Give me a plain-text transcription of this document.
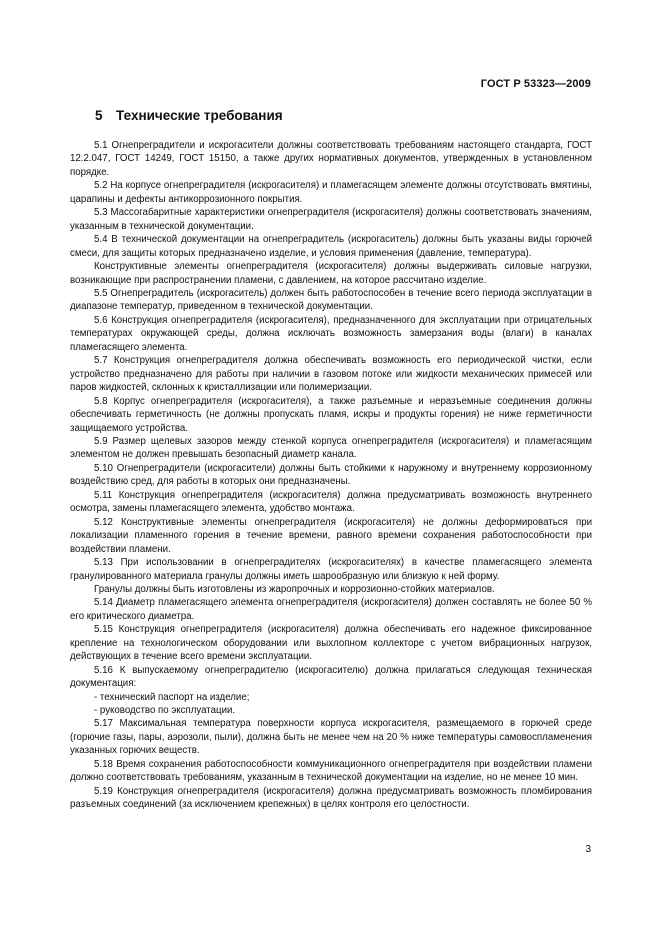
ГОСТ Р 53323—2009
5 Технические требования

5.1 Огнепреградители и искрогасители должны соответствовать требованиям настоящего стандарта, ГОСТ 12.2.047, ГОСТ 14249, ГОСТ 15150, а также других нормативных документов, утвержденных в установленном порядке.

5.2 На корпусе огнепреградителя (искрогасителя) и пламегасящем элементе должны отсутствовать вмятины, царапины и дефекты антикоррозионного покрытия.

5.3 Массогабаритные характеристики огнепреградителя (искрогасителя) должны соответствовать значениям, указанным в технической документации.

5.4 В технической документации на огнепреградитель (искрогаситель) должны быть указаны виды горючей смеси, для защиты которых предназначено изделие, и условия применения (давление, температура).

Конструктивные элементы огнепреградителя (искрогасителя) должны выдерживать силовые нагрузки, возникающие при распространении пламени, с давлением, на которое рассчитано изделие.

5.5 Огнепреградитель (искрогаситель) должен быть работоспособен в течение всего периода эксплуатации в диапазоне температур, приведенном в технической документации.

5.6 Конструкция огнепреградителя (искрогасителя), предназначенного для эксплуатации при отрицательных температурах окружающей среды, должна исключать возможность замерзания воды (влаги) в каналах пламегасящего элемента.

5.7 Конструкция огнепреградителя должна обеспечивать возможность его периодической чистки, если устройство предназначено для работы при наличии в газовом потоке или жидкости механических примесей или паров жидкостей, склонных к кристаллизации или полимеризации.

5.8 Корпус огнепреградителя (искрогасителя), а также разъемные и неразъемные соединения должны обеспечивать герметичность (не должны пропускать пламя, искры и продукты горения) не ниже герметичности защищаемого устройства.

5.9 Размер щелевых зазоров между стенкой корпуса огнепреградителя (искрогасителя) и пламегасящим элементом не должен превышать безопасный диаметр канала.

5.10 Огнепреградители (искрогасители) должны быть стойкими к наружному и внутреннему коррозионному воздействию сред, для работы в которых они предназначены.

5.11 Конструкция огнепреградителя (искрогасителя) должна предусматривать возможность внутреннего осмотра, замены пламегасящего элемента, удобство монтажа.

5.12 Конструктивные элементы огнепреградителя (искрогасителя) не должны деформироваться при локализации пламенного горения в течение времени, равного времени сохранения работоспособности при воздействии пламени.

5.13 При использовании в огнепреградителях (искрогасителях) в качестве пламегасящего элемента гранулированного материала гранулы должны иметь шарообразную или близкую к ней форму.

Гранулы должны быть изготовлены из жаропрочных и коррозионно-стойких материалов.

5.14 Диаметр пламегасящего элемента огнепреградителя (искрогасителя) должен составлять не более 50 % его критического диаметра.

5.15 Конструкция огнепреградителя (искрогасителя) должна обеспечивать его надежное фиксированное крепление на технологическом оборудовании или выхлопном коллекторе с учетом вибрационных нагрузок, действующих в течение всего времени эксплуатации.

5.16 К выпускаемому огнепреградителю (искрогасителю) должна прилагаться следующая техническая документация:

- технический паспорт на изделие;

- руководство по эксплуатации.

5.17 Максимальная температура поверхности корпуса искрогасителя, размещаемого в горючей среде (горючие газы, пары, аэрозоли, пыли), должна быть не менее чем на 20 % ниже температуры самовоспламенения указанных горючих веществ.

5.18 Время сохранения работоспособности коммуникационного огнепреградителя при воздействии пламени должно соответствовать требованиям, указанным в технической документации на изделие, но не менее 10 мин.

5.19 Конструкция огнепреградителя (искрогасителя) должна предусматривать возможность пломбирования разъемных соединений (за исключением крепежных) в целях контроля его целостности.

3
